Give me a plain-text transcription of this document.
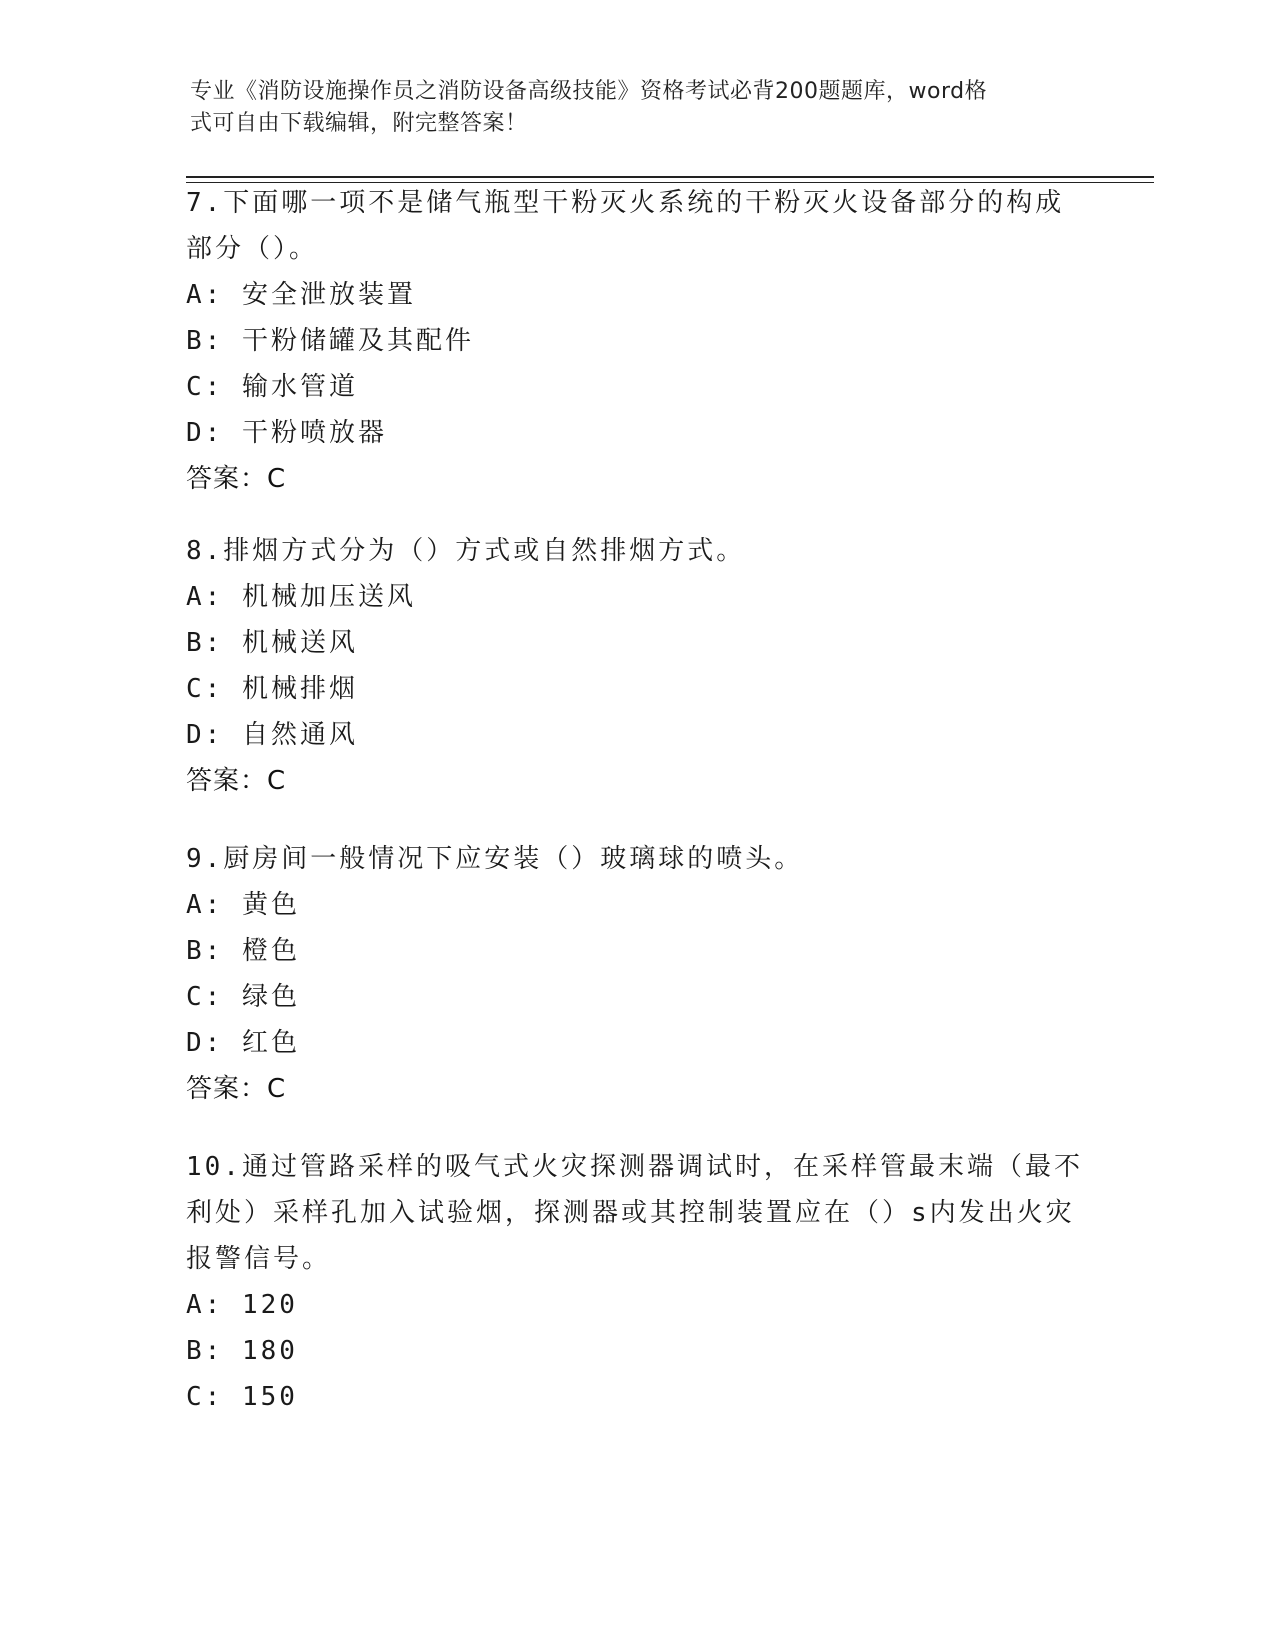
专业《消防设施操作员之消防设备高级技能》资格考试必背200题题库，word格
式可自由下载编辑，附完整答案！

7.下面哪一项不是储气瓶型干粉灭火系统的干粉灭火设备部分的构成

部分（）。

A: 安全泄放装置

B: 干粉储罐及其配件

C: 输水管道

D: 干粉喷放器

答案：C

8.排烟方式分为（）方式或自然排烟方式。

A: 机械加压送风

B: 机械送风

C: 机械排烟

D: 自然通风

答案：C

9.厨房间一般情况下应安装（）玻璃球的喷头。

A: 黄色

B: 橙色

C: 绿色

D: 红色

答案：C

10.通过管路采样的吸气式火灾探测器调试时，在采样管最末端（最不

利处）采样孔加入试验烟，探测器或其控制装置应在（）s内发出火灾

报警信号。

A: 120

B: 180

C: 150
